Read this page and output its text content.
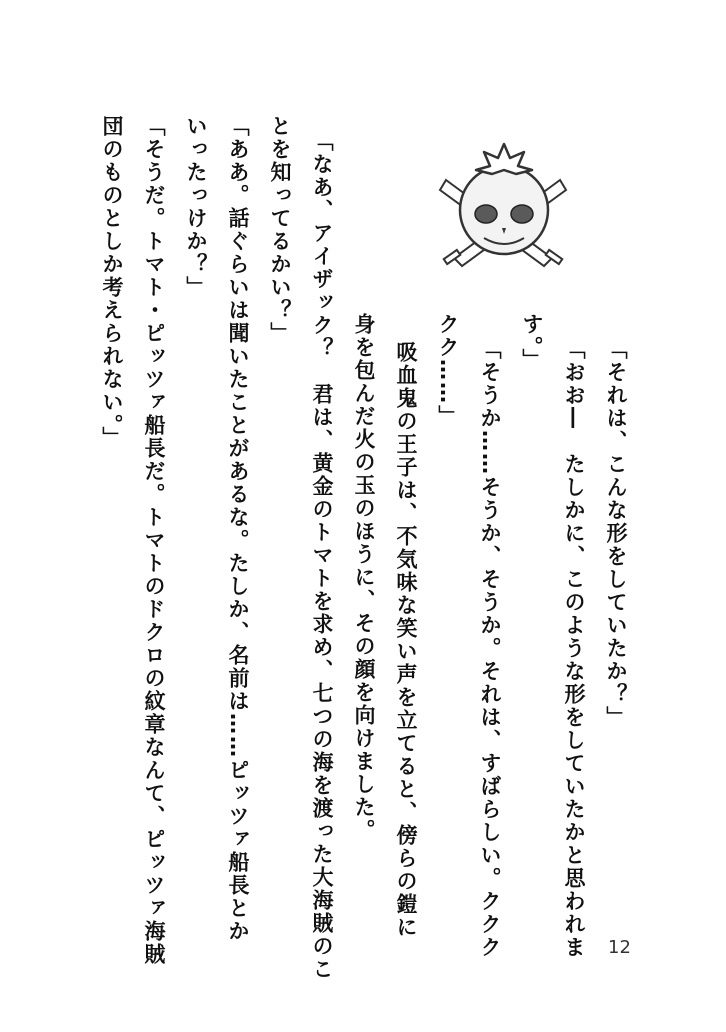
「それは、こんな形をしていたか？」
「おお―　たしかに、このような形をしていたかと思われま
す。」
「そうか……そうか、そうか。それは、すばらしい。ククク
クク……」
　吸血鬼の王子は、不気味な笑い声を立てると、傍らの鎧に
身を包んだ火の玉のほうに、その顔を向けました。
「なあ、アイザック？　君は、黄金のトマトを求め、七つの海を渡った大海賊のこ
とを知ってるかい？」
「ああ。話ぐらいは聞いたことがあるな。たしか、名前は……ピッツァ船長とか
いったっけか？」
「そうだ。トマト・ピッツァ船長だ。トマトのドクロの紋章なんて、ピッツァ海賊
団のものとしか考えられない。」
12
